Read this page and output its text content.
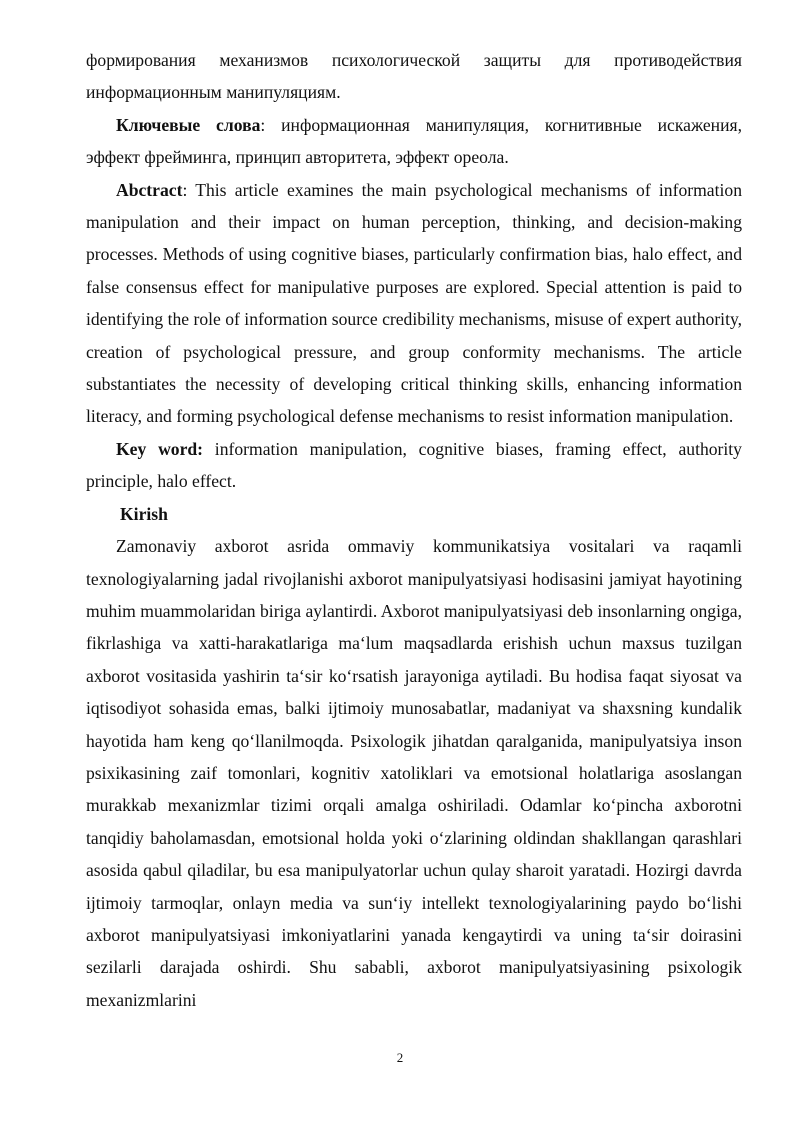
формирования механизмов психологической защиты для противодействия информационным манипуляциям.

Ключевые слова: информационная манипуляция, когнитивные искажения, эффект фрейминга, принцип авторитета, эффект ореола.

Abctract: This article examines the main psychological mechanisms of information manipulation and their impact on human perception, thinking, and decision-making processes. Methods of using cognitive biases, particularly confirmation bias, halo effect, and false consensus effect for manipulative purposes are explored. Special attention is paid to identifying the role of information source credibility mechanisms, misuse of expert authority, creation of psychological pressure, and group conformity mechanisms. The article substantiates the necessity of developing critical thinking skills, enhancing information literacy, and forming psychological defense mechanisms to resist information manipulation.

Key word: information manipulation, cognitive biases, framing effect, authority principle, halo effect.

Kirish

Zamonaviy axborot asrida ommaviy kommunikatsiya vositalari va raqamli texnologiyalarning jadal rivojlanishi axborot manipulyatsiyasi hodisasini jamiyat hayotining muhim muammolaridan biriga aylantirdi. Axborot manipulyatsiyasi deb insonlarning ongiga, fikrlashiga va xatti-harakatlariga maʻlum maqsadlarda erishish uchun maxsus tuzilgan axborot vositasida yashirin taʻsir koʻrsatish jarayoniga aytiladi. Bu hodisa faqat siyosat va iqtisodiyot sohasida emas, balki ijtimoiy munosabatlar, madaniyat va shaxsning kundalik hayotida ham keng qoʻllanilmoqda. Psixologik jihatdan qaralganida, manipulyatsiya inson psixikasining zaif tomonlari, kognitiv xatoliklari va emotsional holatlariga asoslangan murakkab mexanizmlar tizimi orqali amalga oshiriladi. Odamlar koʻpincha axborotni tanqidiy baholamasdan, emotsional holda yoki oʻzlarining oldindan shakllangan qarashlari asosida qabul qiladilar, bu esa manipulyatorlar uchun qulay sharoit yaratadi. Hozirgi davrda ijtimoiy tarmoqlar, onlayn media va sunʻiy intellekt texnologiyalarining paydo boʻlishi axborot manipulyatsiyasi imkoniyatlarini yanada kengaytirdi va uning taʻsir doirasini sezilarli darajada oshirdi. Shu sababli, axborot manipulyatsiyasining psixologik mexanizmlarini

2
